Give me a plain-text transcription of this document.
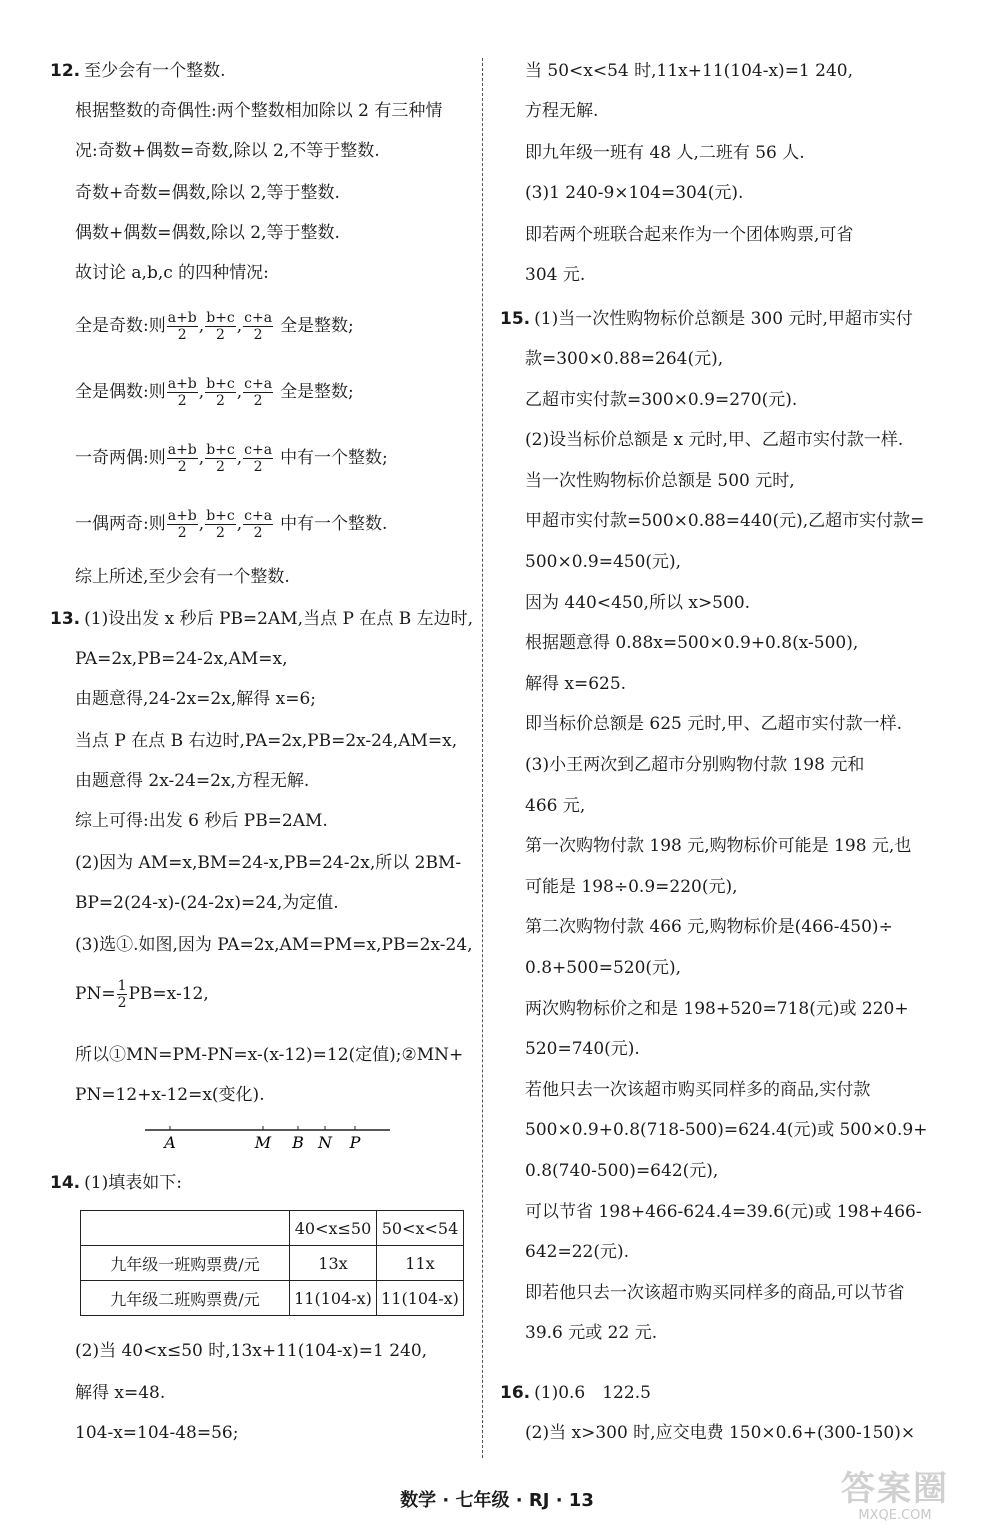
12. 至少会有一个整数.
根据整数的奇偶性:两个整数相加除以 2 有三种情
况:奇数+偶数=奇数,除以 2,不等于整数.
奇数+奇数=偶数,除以 2,等于整数.
偶数+偶数=偶数,除以 2,等于整数.
故讨论 a,b,c 的四种情况:
全是奇数:则 $\frac{a+b}{2}$ , $\frac{b+c}{2}$ , $\frac{c+a}{2}$ 全是整数;
全是偶数:则 $\frac{a+b}{2}$ , $\frac{b+c}{2}$ , $\frac{c+a}{2}$ 全是整数;
一奇两偶:则 $\frac{a+b}{2}$ , $\frac{b+c}{2}$ , $\frac{c+a}{2}$ 中有一个整数;
一偶两奇:则 $\frac{a+b}{2}$ , $\frac{b+c}{2}$ , $\frac{c+a}{2}$ 中有一个整数.
综上所述,至少会有一个整数.
13. (1)设出发 x 秒后 PB=2AM,当点 P 在点 B 左边时,
PA=2x,PB=24-2x,AM=x,
由题意得,24-2x=2x,解得 x=6;
当点 P 在点 B 右边时,PA=2x,PB=2x-24,AM=x,
由题意得 2x-24=2x,方程无解.
综上可得:出发 6 秒后 PB=2AM.
(2)因为 AM=x,BM=24-x,PB=24-2x,所以 2BM-
BP=2(24-x)-(24-2x)=24,为定值.
(3)选①.如图,因为 PA=2x,AM=PM=x,PB=2x-24,
$PN= \frac{1}{2} PB=x-12$,
所以①MN=PM-PN=x-(x-12)=12(定值);②MN+
PN=12+x-12=x(变化).
A	M B N P
14. (1)填表如下:
	40<x≤50	50<x<54
九年级一班购票费/元	13x	11x
九年级二班购票费/元	11(104-x)	11(104-x)
(2)当 40<x≤50 时,13x+11(104-x)=1 240,
解得 x=48.
104-x=104-48=56;
当 50<x<54 时,11x+11(104-x)=1 240,
方程无解.
即九年级一班有 48 人,二班有 56 人.
(3)1 240-9×104=304(元).
即若两个班联合起来作为一个团体购票,可省
304 元.
15. (1)当一次性购物标价总额是 300 元时,甲超市实付
款=300×0.88=264(元),
乙超市实付款=300×0.9=270(元).
(2)设当标价总额是 x 元时,甲、乙超市实付款一样.
当一次性购物标价总额是 500 元时,
甲超市实付款=500×0.88=440(元),乙超市实付款=
500×0.9=450(元),
因为 440<450,所以 x>500.
根据题意得 0.88x=500×0.9+0.8(x-500),
解得 x=625.
即当标价总额是 625 元时,甲、乙超市实付款一样.
(3)小王两次到乙超市分别购物付款 198 元和
466 元,
第一次购物付款 198 元,购物标价可能是 198 元,也
可能是 198÷0.9=220(元),
第二次购物付款 466 元,购物标价是(466-450)÷
0.8+500=520(元),
两次购物标价之和是 198+520=718(元)或 220+
520=740(元).
若他只去一次该超市购买同样多的商品,实付款
500×0.9+0.8(718-500)=624.4(元)或 500×0.9+
0.8(740-500)=642(元),
可以节省 198+466-624.4=39.6(元)或 198+466-
642=22(元).
即若他只去一次该超市购买同样多的商品,可以节省
39.6 元或 22 元.
16. (1)0.6　122.5
(2)当 x>300 时,应交电费 150×0.6+(300-150)×
数学 · 七年级 · RJ · 13	答案圈
MXQE.COM
